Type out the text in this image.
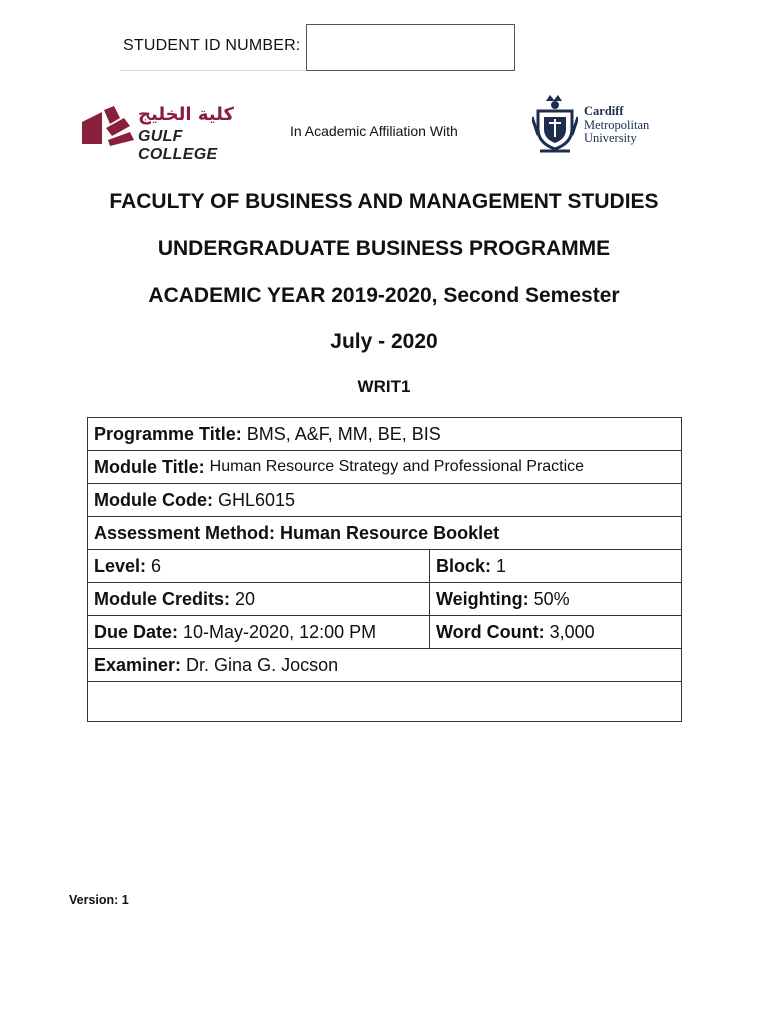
STUDENT ID NUMBER:
كلية الخليج
GULF COLLEGE
In Academic Affiliation With
Cardiff
Metropolitan
University
FACULTY OF BUSINESS AND MANAGEMENT STUDIES
UNDERGRADUATE BUSINESS PROGRAMME
ACADEMIC YEAR 2019-2020, Second Semester
July - 2020
WRIT1
Programme Title: BMS, A&F, MM, BE, BIS
Module Title: Human Resource Strategy and Professional Practice
Module Code: GHL6015
Assessment Method: Human Resource Booklet
Level: 6	Block: 1
Module Credits: 20	Weighting: 50%
Due Date: 10-May-2020, 12:00 PM	Word Count: 3,000
Examiner: Dr. Gina G. Jocson
Version: 1
